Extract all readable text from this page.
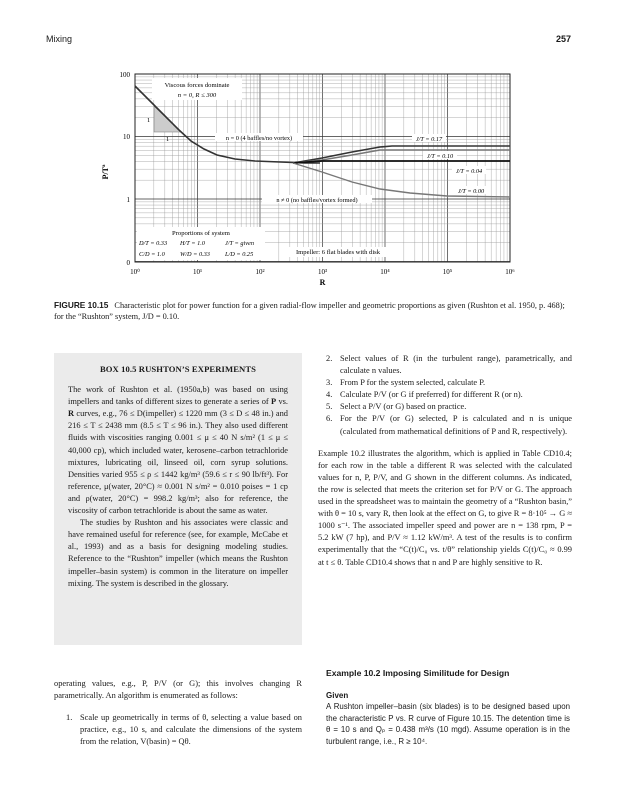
Mixing	257
100
10
1
0
P/Tª
10⁰	10¹	10²	10³	10⁴	10⁵	10⁶
R
1
1
Viscous forces dominate
n = 0, R ≤ 300
n = 0 (4 baffles/no vortex)
n ≠ 0 (no baffles/vortex formed)
J/T = 0.17
J/T = 0.10
J/T = 0.04
J/T = 0.00
Proportions of system
Impeller: 6 flat blades with disk
D/T = 0.33 H/T = 1.0	J/T = given
C/D = 1.0 W/D = 0.33 L/D = 0.25
FIGURE 10.15 Characteristic plot for power function for a given radial-flow impeller and geometric proportions as given (Rushton et al. 1950, p. 468); for the “Rushton” system, J/D = 0.10.
BOX 10.5 RUSHTON’S EXPERIMENTS

The work of Rushton et al. (1950a,b) was based on using impellers and tanks of different sizes to generate a series of P vs. R curves, e.g., 76 ≤ D(impeller) ≤ 1220 mm (3 ≤ D ≤ 48 in.) and 216 ≤ T ≤ 2438 mm (8.5 ≤ T ≤ 96 in.). They also used different fluids with viscosities ranging 0.001 ≤ μ ≤ 40 N s/m² (1 ≤ μ ≤ 40,000 cp), which included water, kerosene–carbon tetrachloride mixtures, lubricating oil, linseed oil, corn syrup solutions. Densities varied 955 ≤ ρ ≤ 1442 kg/m³ (59.6 ≤ r ≤ 90 lb/ft³). For reference, μ(water, 20°C) ≈ 0.001 N s/m² = 0.010 poises = 1 cp and ρ(water, 20°C) = 998.2 kg/m³; also for reference, the viscosity of carbon tetrachloride is about the same as water.

The studies by Rushton and his associates were classic and have remained useful for reference (see, for example, McCabe et al., 1993) and as a basis for designing modeling studies. Reference to the “Rushton” impeller (which means the Rushton impeller–basin system) is common in the literature on impeller mixing. The system is described in the glossary.

operating values, e.g., P, P/V (or G); this involves changing R parametrically. An algorithm is enumerated as follows:

1. Scale up geometrically in terms of θ, selecting a value based on practice, e.g., 10 s, and calculate the dimensions of the system from the relation, V(basin) = Qθ.
2. Select values of R (in the turbulent range), parametrically, and calculate n values.
3. From P for the system selected, calculate P.
4. Calculate P/V (or G if preferred) for different R (or n).
5. Select a P/V (or G) based on practice.
6. For the P/V (or G) selected, P is calculated and n is unique (calculated from mathematical definitions of P and R, respectively).

Example 10.2 illustrates the algorithm, which is applied in Table CD10.4; for each row in the table a different R was selected with the calculated values for n, P, P/V, and G shown in the different columns. As indicated, the row is selected that meets the criterion set for P/V or G. The approach used in the spreadsheet was to maintain the geometry of a “Rushton basin,” with θ = 10 s, vary R, then look at the effect on G, to give R = 8·10⁵ → G ≈ 1000 s⁻¹. The associated impeller speed and power are n = 138 rpm, P = 5.2 kW (7 hp), and P/V ≈ 1.12 kW/m³. A test of the results is to confirm experimentally that the “C(t)/C₀ vs. t/θ” relationship yields C(t)/C₀ ≈ 0.99 at t ≤ θ. Table CD10.4 shows that n and P are highly sensitive to R.

Example 10.2 Imposing Similitude for Design
Given

A Rushton impeller–basin (six blades) is to be designed based upon the characteristic P vs. R curve of Figure 10.15. The detention time is θ = 10 s and Qₚ = 0.438 m³/s (10 mgd). Assume operation is in the turbulent range, i.e., R ≥ 10⁴.
